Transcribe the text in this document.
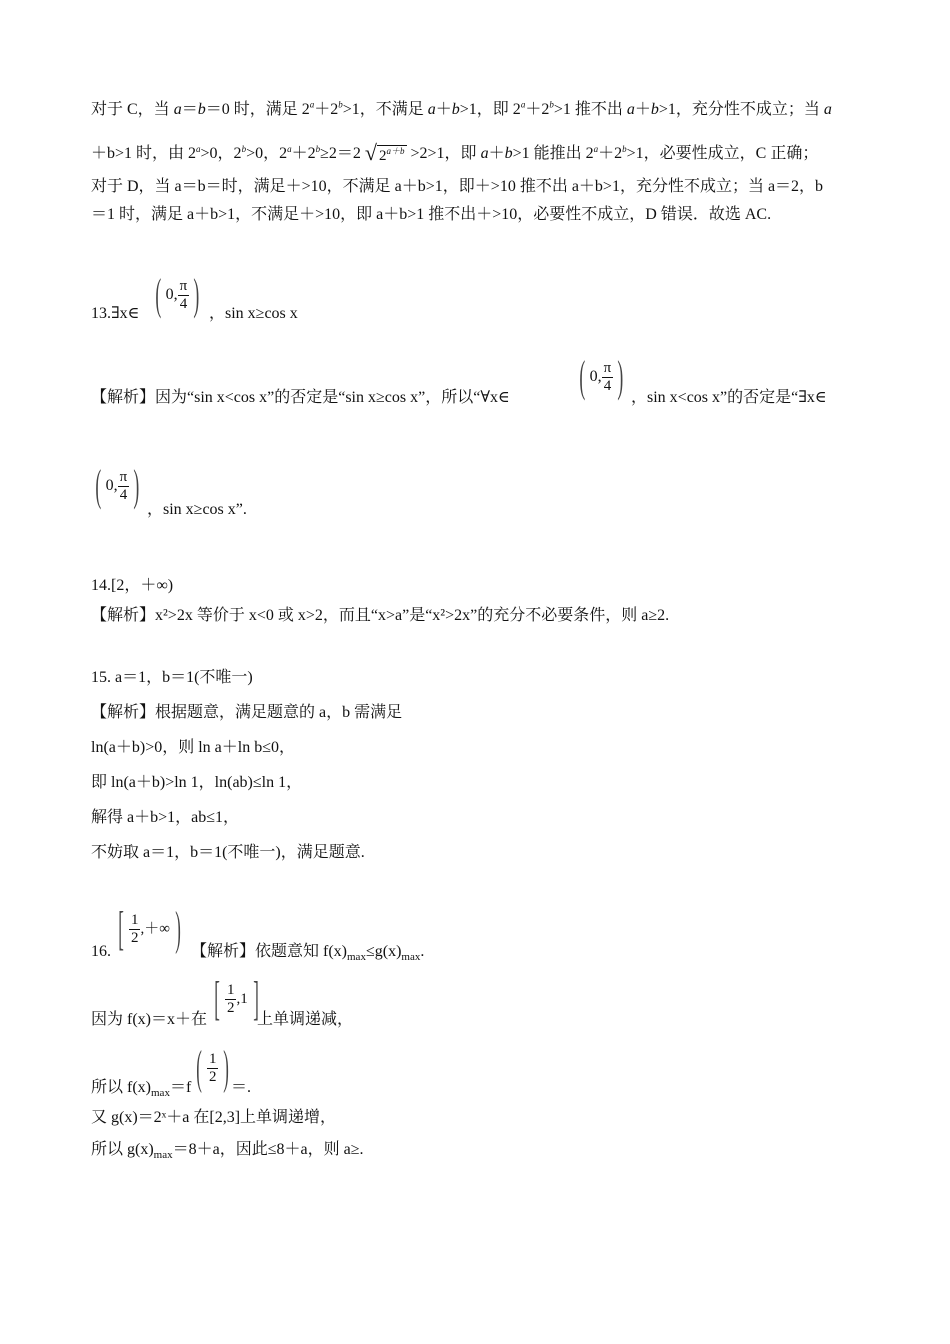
对于 C，当 a＝b＝0 时，满足 $2^a+2^b>1$，不满足 a＋b>1，即 $2^a+2^b>1$ 推不出 a＋b>1，充分性不成立；当 a
＋b>1 时，由 $2^a>0$，$2^b>0$，$2^a+2^b\ge 2=2$ √ $2^{a+b} >2>1$，即 a＋b>1 能推出 $2^a+2^b>1$，必要性成立，C 正确；
对于 D，当 a＝b＝时，满足＋>10，不满足 a＋b>1，即＋>10 推不出 a＋b>1，充分性不成立；当 a＝2，b
＝1 时，满足 a＋b>1，不满足＋>10，即 a＋b>1 推不出＋>10，必要性不成立，D 错误．故选 AC.
13.∃x∈ ( 0, $\frac{\pi}{4}$ ) ，sin x≥cos x
【解析】因为“sin x<cos x”的否定是“sin x≥cos x”，所以“∀x∈ ( 0, $\frac{\pi}{4}$ ) ，sin x<cos x”的否定是“∃x∈
( 0, $\frac{\pi}{4}$ ) ，sin x≥cos x”.
14.[2，＋∞)
【解析】x²>2x 等价于 x<0 或 x>2，而且“x>a”是“x²>2x”的充分不必要条件，则 a≥2.
15. a＝1，b＝1(不唯一)
【解析】根据题意，满足题意的 a，b 需满足
ln(a＋b)>0，则 ln a＋ln b≤0，
即 ln(a＋b)>ln 1，ln(ab)≤ln 1，
解得 a＋b>1，ab≤1，
不妨取 a＝1，b＝1(不唯一)，满足题意.
16. [ $\frac{1}{2}$ ,＋∞ ) 【解析】依题意知 $f(x)_{max}\le g(x)_{max}$.
因为 f(x)＝x＋在 [ $\frac{1}{2} ,1$ ]
上单调递减，
所以 $f(x)_{max}=f$ ( $\frac{1}{2}$ ) ＝.
又 g(x)＝2ˣ＋a 在[2,3]上单调递增，
所以 $g(x)_{max}=8+a$，因此≤8＋a，则 a≥.
